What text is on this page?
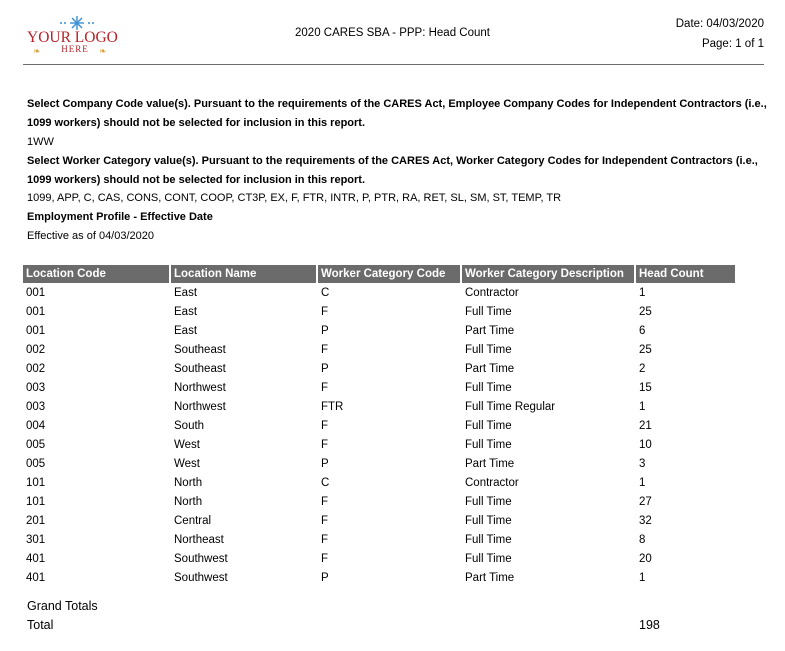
YOUR LOGO
❧	HERE	❧
2020 CARES SBA - PPP: Head Count
Date: 04/03/2020
Page: 1 of 1
Select Company Code value(s). Pursuant to the requirements of the CARES Act, Employee Company Codes for Independent Contractors (i.e., 1099 workers) should not be selected for inclusion in this report.
1WW
Select Worker Category value(s). Pursuant to the requirements of the CARES Act, Worker Category Codes for Independent Contractors (i.e., 1099 workers) should not be selected for inclusion in this report.
1099, APP, C, CAS, CONS, CONT, COOP, CT3P, EX, F, FTR, INTR, P, PTR, RA, RET, SL, SM, ST, TEMP, TR
Employment Profile - Effective Date
Effective as of 04/03/2020
Location Code	Location Name	Worker Category Code	Worker Category Description	Head Count
001	East	C	Contractor	1
001	East	F	Full Time	25
001	East	P	Part Time	6
002	Southeast	F	Full Time	25
002	Southeast	P	Part Time	2
003	Northwest	F	Full Time	15
003	Northwest	FTR	Full Time Regular	1
004	South	F	Full Time	21
005	West	F	Full Time	10
005	West	P	Part Time	3
101	North	C	Contractor	1
101	North	F	Full Time	27
201	Central	F	Full Time	32
301	Northeast	F	Full Time	8
401	Southwest	F	Full Time	20
401	Southwest	P	Part Time	1
Grand Totals
Total	198
